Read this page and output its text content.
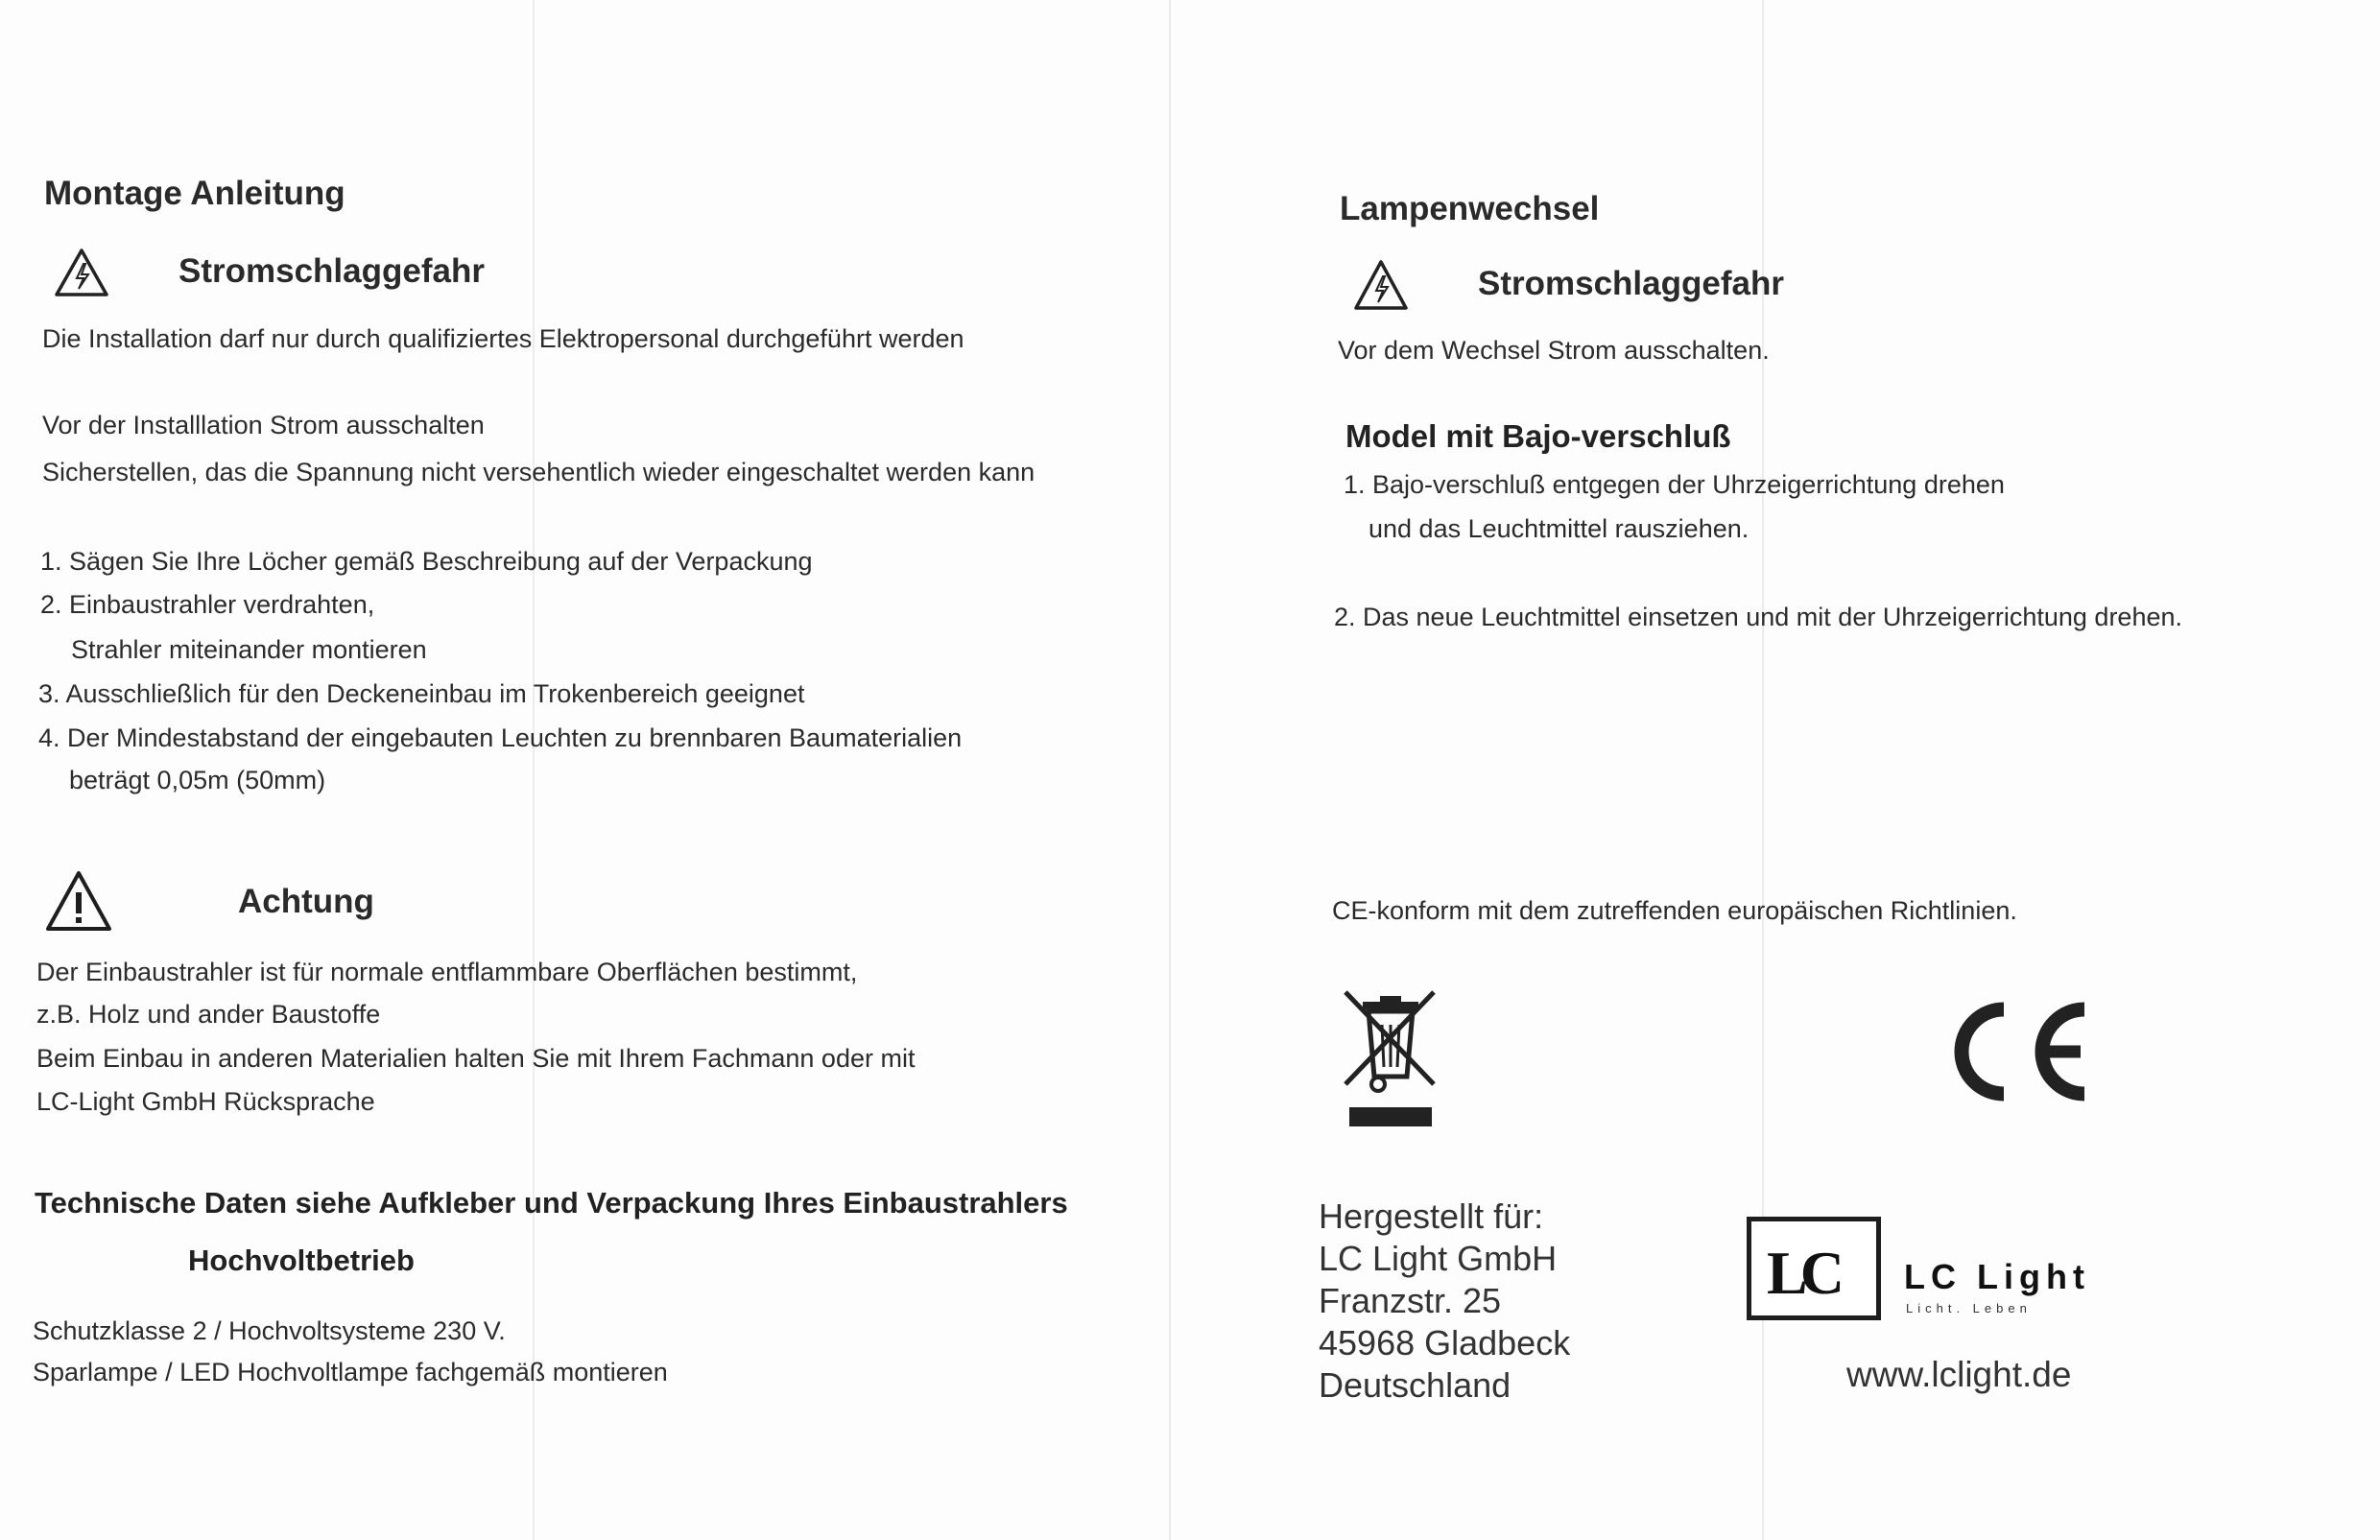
Montage Anleitung
Stromschlaggefahr
Die Installation darf nur durch qualifiziertes Elektropersonal durchgeführt werden
Vor der Installlation Strom ausschalten
Sicherstellen, das die Spannung nicht versehentlich wieder eingeschaltet werden kann
1. Sägen Sie Ihre Löcher gemäß Beschreibung auf der Verpackung
2. Einbaustrahler verdrahten,
Strahler miteinander montieren
3. Ausschließlich für den Deckeneinbau im Trokenbereich geeignet
4. Der Mindestabstand der eingebauten Leuchten zu brennbaren Baumaterialien
beträgt 0,05m (50mm)
Achtung
Der Einbaustrahler ist für normale entflammbare Oberflächen bestimmt,
z.B. Holz und ander Baustoffe
Beim Einbau in anderen Materialien halten Sie mit Ihrem Fachmann oder mit
LC-Light GmbH Rücksprache
Technische Daten siehe Aufkleber und Verpackung Ihres Einbaustrahlers
Hochvoltbetrieb
Schutzklasse 2 / Hochvoltsysteme 230 V.
Sparlampe / LED Hochvoltlampe fachgemäß montieren
Lampenwechsel
Stromschlaggefahr
Vor dem Wechsel Strom ausschalten.
Model mit Bajo-verschluß
1. Bajo-verschluß entgegen der Uhrzeigerrichtung drehen
und das Leuchtmittel rausziehen.
2. Das neue Leuchtmittel einsetzen und mit der Uhrzeigerrichtung drehen.
CE-konform mit dem zutreffenden europäischen Richtlinien.
Hergestellt für:
LC Light GmbH
Franzstr. 25
45968 Gladbeck
Deutschland
LC LC Light
Licht. Leben
www.lclight.de
